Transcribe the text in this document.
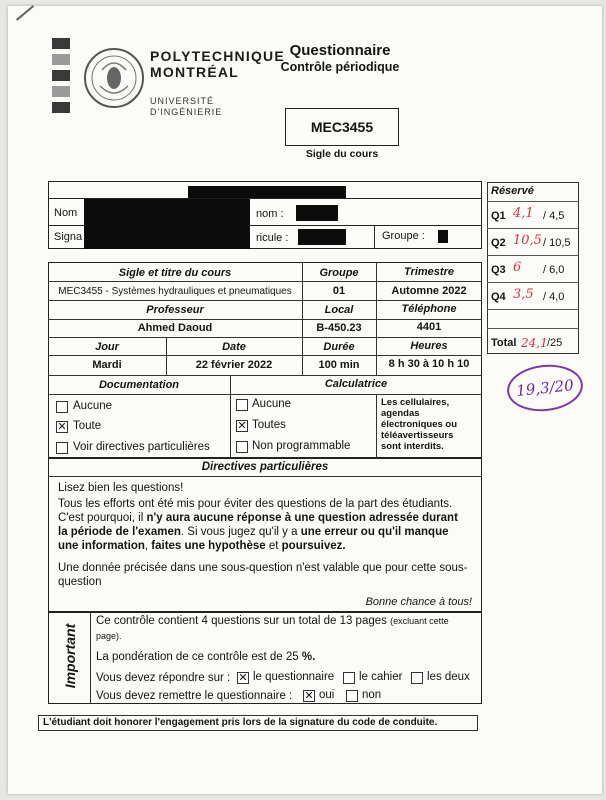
POLYTECHNIQUE
MONTRÉAL
UNIVERSITÉ
D'INGÉNIERIE
Questionnaire
Contrôle périodique
MEC3455
Sigle du cours
Nom	nom :
Signa	ricule :	Groupe :
Réservé
Q1 4,1 / 4,5
Q2 10,5 / 10,5
Q3 6 / 6,0
Q4 3,5 / 4,0
Total 24,1 /25
19,3/20
Sigle et titre du cours	Groupe	Trimestre
MEC3455 - Systèmes hydrauliques et pneumatiques	01	Automne 2022
Professeur	Local	Téléphone
Ahmed Daoud	B-450.23	4401
Jour	Date	Durée	Heures
Mardi	22 février 2022	100 min	8 h 30 à 10 h 10
Documentation	Calculatrice
Aucune
✕ Toute
Voir directives particulières
Aucune
✕ Toutes
Non programmable
Les cellulaires,
agendas
électroniques ou
téléavertisseurs
sont interdits.
Directives particulières
Lisez bien les questions!
Tous les efforts ont été mis pour éviter des questions de la part des étudiants.
C'est pourquoi, il n'y aura aucune réponse à une question adressée durant
la période de l'examen. Si vous jugez qu'il y a une erreur ou qu'il manque
une information, faites une hypothèse et poursuivez.
Une donnée précisée dans une sous-question n'est valable que pour cette sous-
question
Bonne chance à tous!
Important
Ce contrôle contient 4 questions sur un total de 13 pages (excluant cette
page).
La pondération de ce contrôle est de 25 %.
Vous devez répondre sur : ✕ le questionnaire le cahier les deux
Vous devez remettre le questionnaire : ✕ oui non
L'étudiant doit honorer l'engagement pris lors de la signature du code de conduite.
